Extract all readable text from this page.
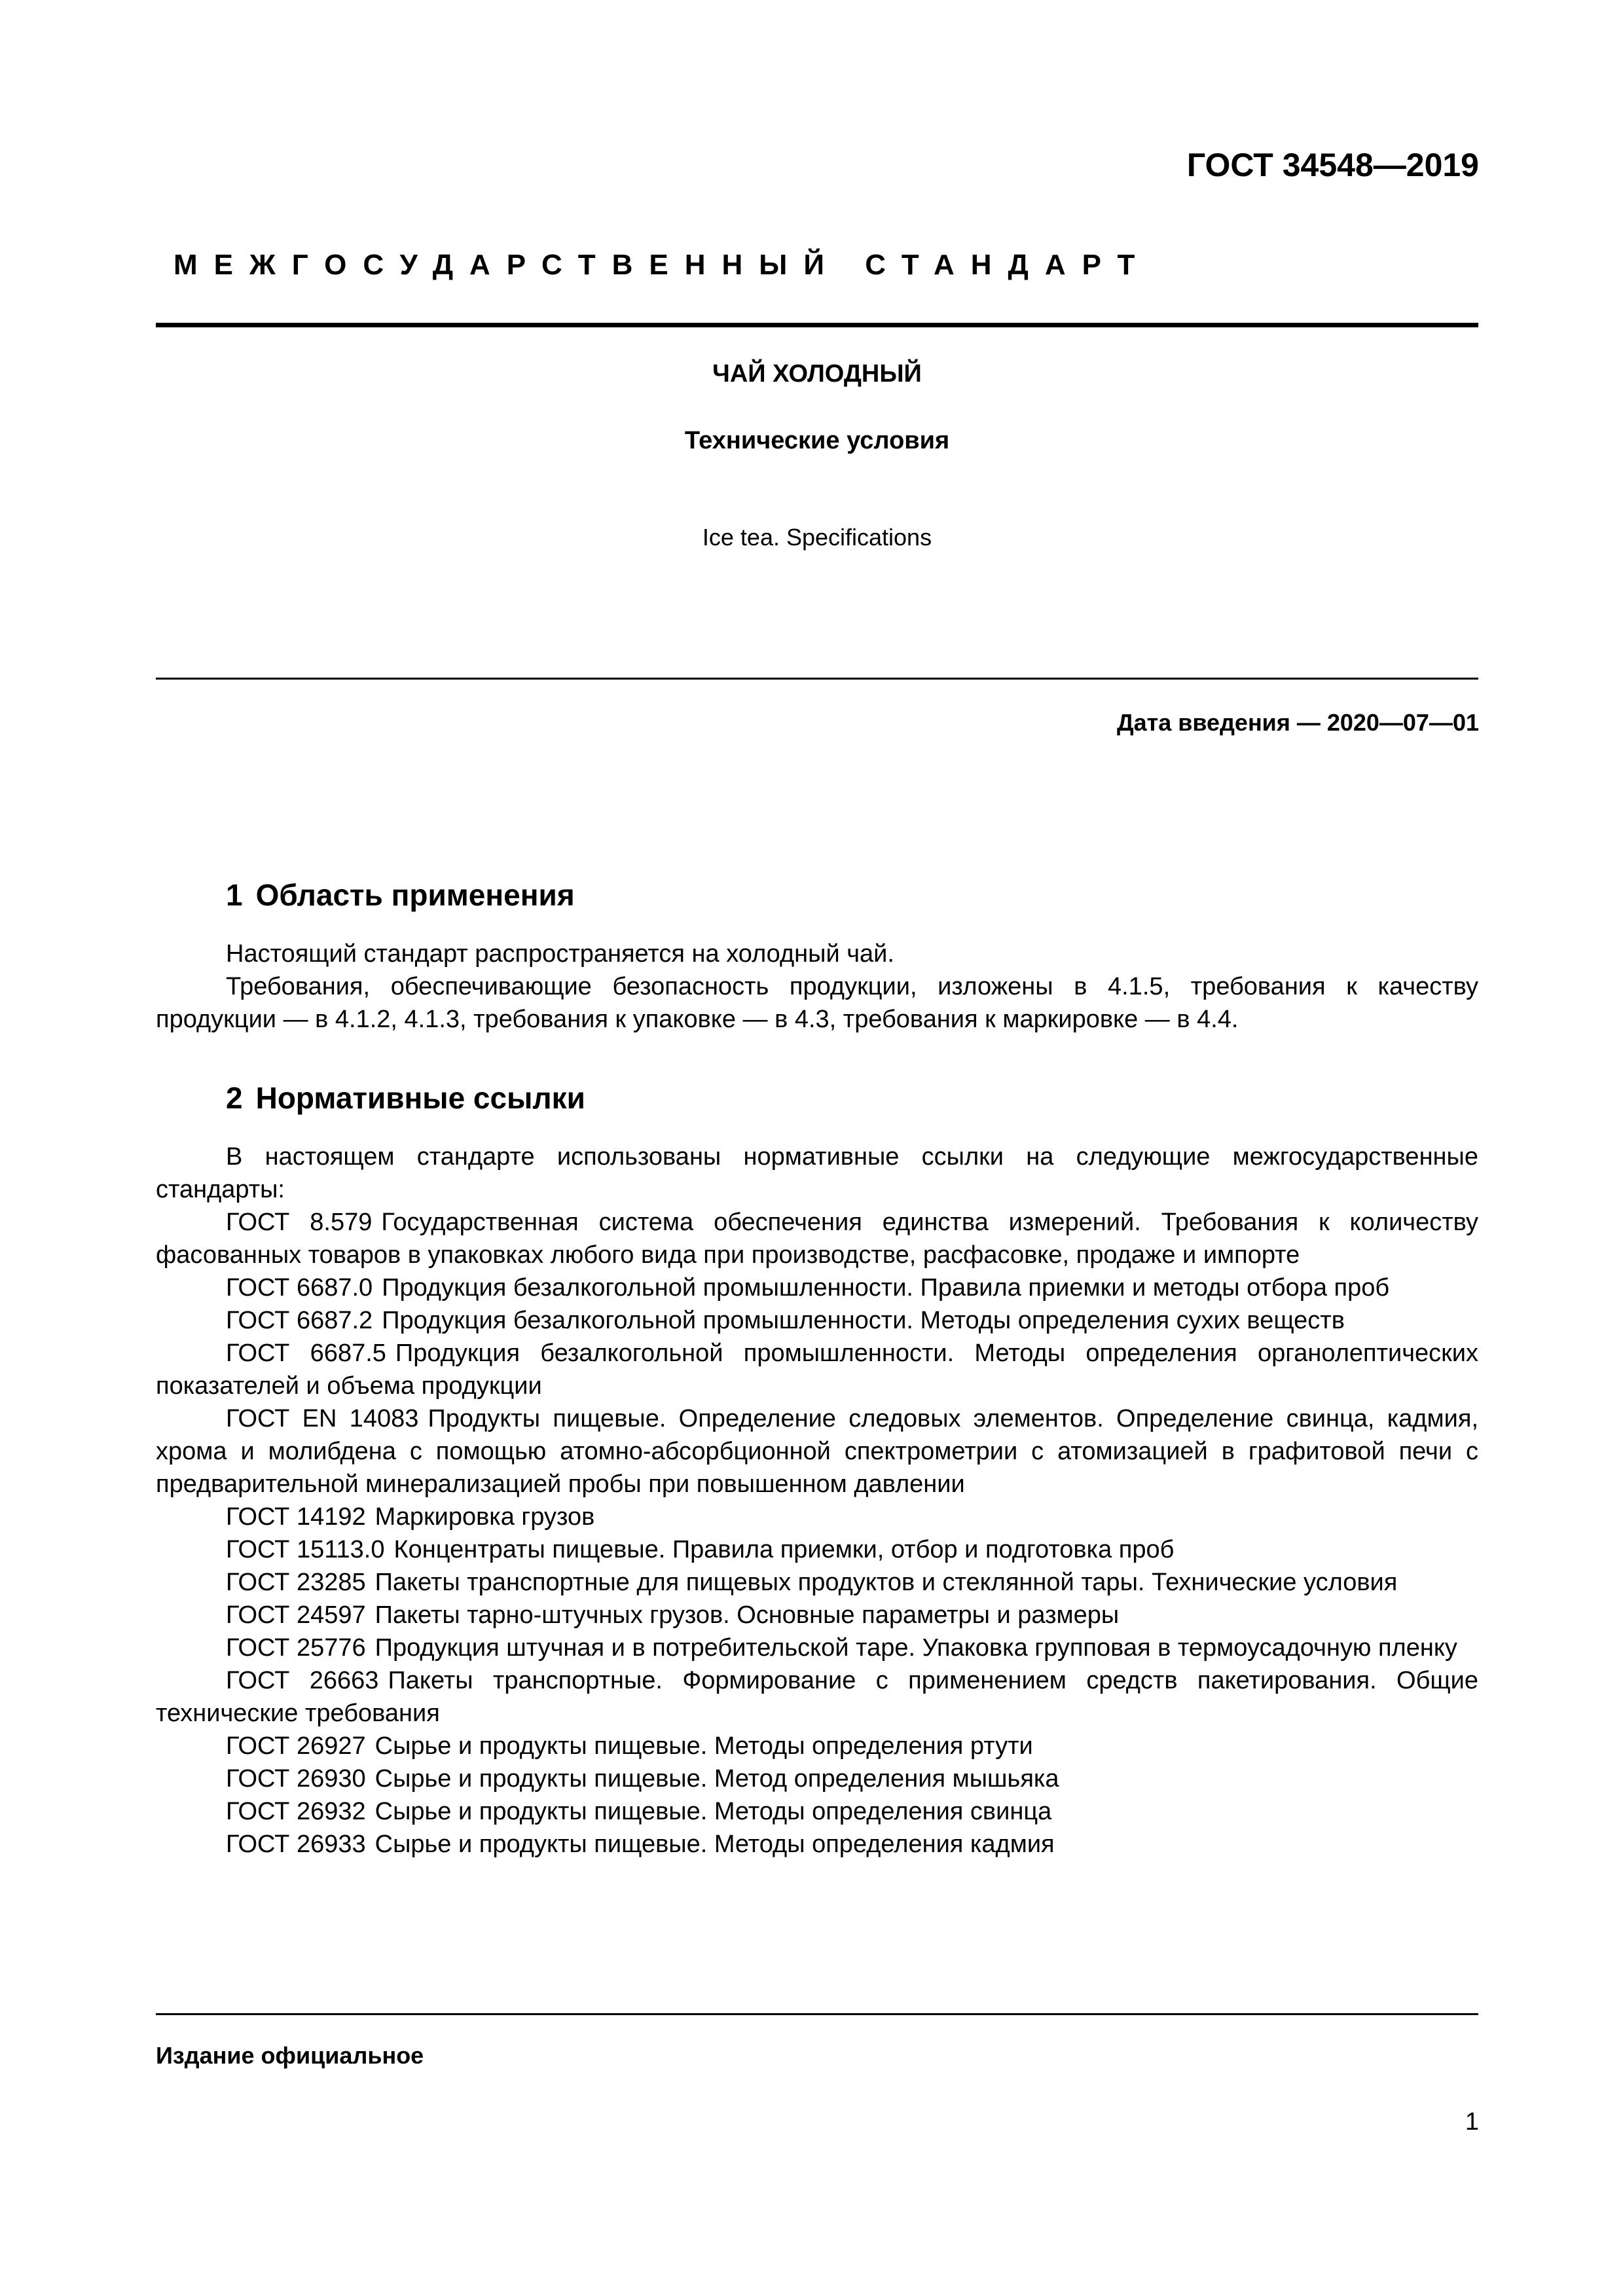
ГОСТ 34548—2019
МЕЖГОСУДАРСТВЕННЫЙ СТАНДАРТ
ЧАЙ ХОЛОДНЫЙ
Технические условия
Ice tea. Specifications
Дата введения — 2020—07—01
1 Область применения

Настоящий стандарт распространяется на холодный чай.

Требования, обеспечивающие безопасность продукции, изложены в 4.1.5, требования к качеству продукции — в 4.1.2, 4.1.3, требования к упаковке — в 4.3, требования к маркировке — в 4.4.

2 Нормативные ссылки

В настоящем стандарте использованы нормативные ссылки на следующие межгосударственные стандарты:

ГОСТ 8.579 Государственная система обеспечения единства измерений. Требования к количеству фасованных товаров в упаковках любого вида при производстве, расфасовке, продаже и импорте

ГОСТ 6687.0 Продукция безалкогольной промышленности. Правила приемки и методы отбора проб

ГОСТ 6687.2 Продукция безалкогольной промышленности. Методы определения сухих веществ

ГОСТ 6687.5 Продукция безалкогольной промышленности. Методы определения органолептических показателей и объема продукции

ГОСТ EN 14083 Продукты пищевые. Определение следовых элементов. Определение свинца, кадмия, хрома и молибдена с помощью атомно-абсорбционной спектрометрии с атомизацией в графитовой печи с предварительной минерализацией пробы при повышенном давлении

ГОСТ 14192 Маркировка грузов

ГОСТ 15113.0 Концентраты пищевые. Правила приемки, отбор и подготовка проб

ГОСТ 23285 Пакеты транспортные для пищевых продуктов и стеклянной тары. Технические условия

ГОСТ 24597 Пакеты тарно-штучных грузов. Основные параметры и размеры

ГОСТ 25776 Продукция штучная и в потребительской таре. Упаковка групповая в термоусадочную пленку

ГОСТ 26663 Пакеты транспортные. Формирование с применением средств пакетирования. Общие технические требования

ГОСТ 26927 Сырье и продукты пищевые. Методы определения ртути

ГОСТ 26930 Сырье и продукты пищевые. Метод определения мышьяка

ГОСТ 26932 Сырье и продукты пищевые. Методы определения свинца

ГОСТ 26933 Сырье и продукты пищевые. Методы определения кадмия

Издание официальное
1
